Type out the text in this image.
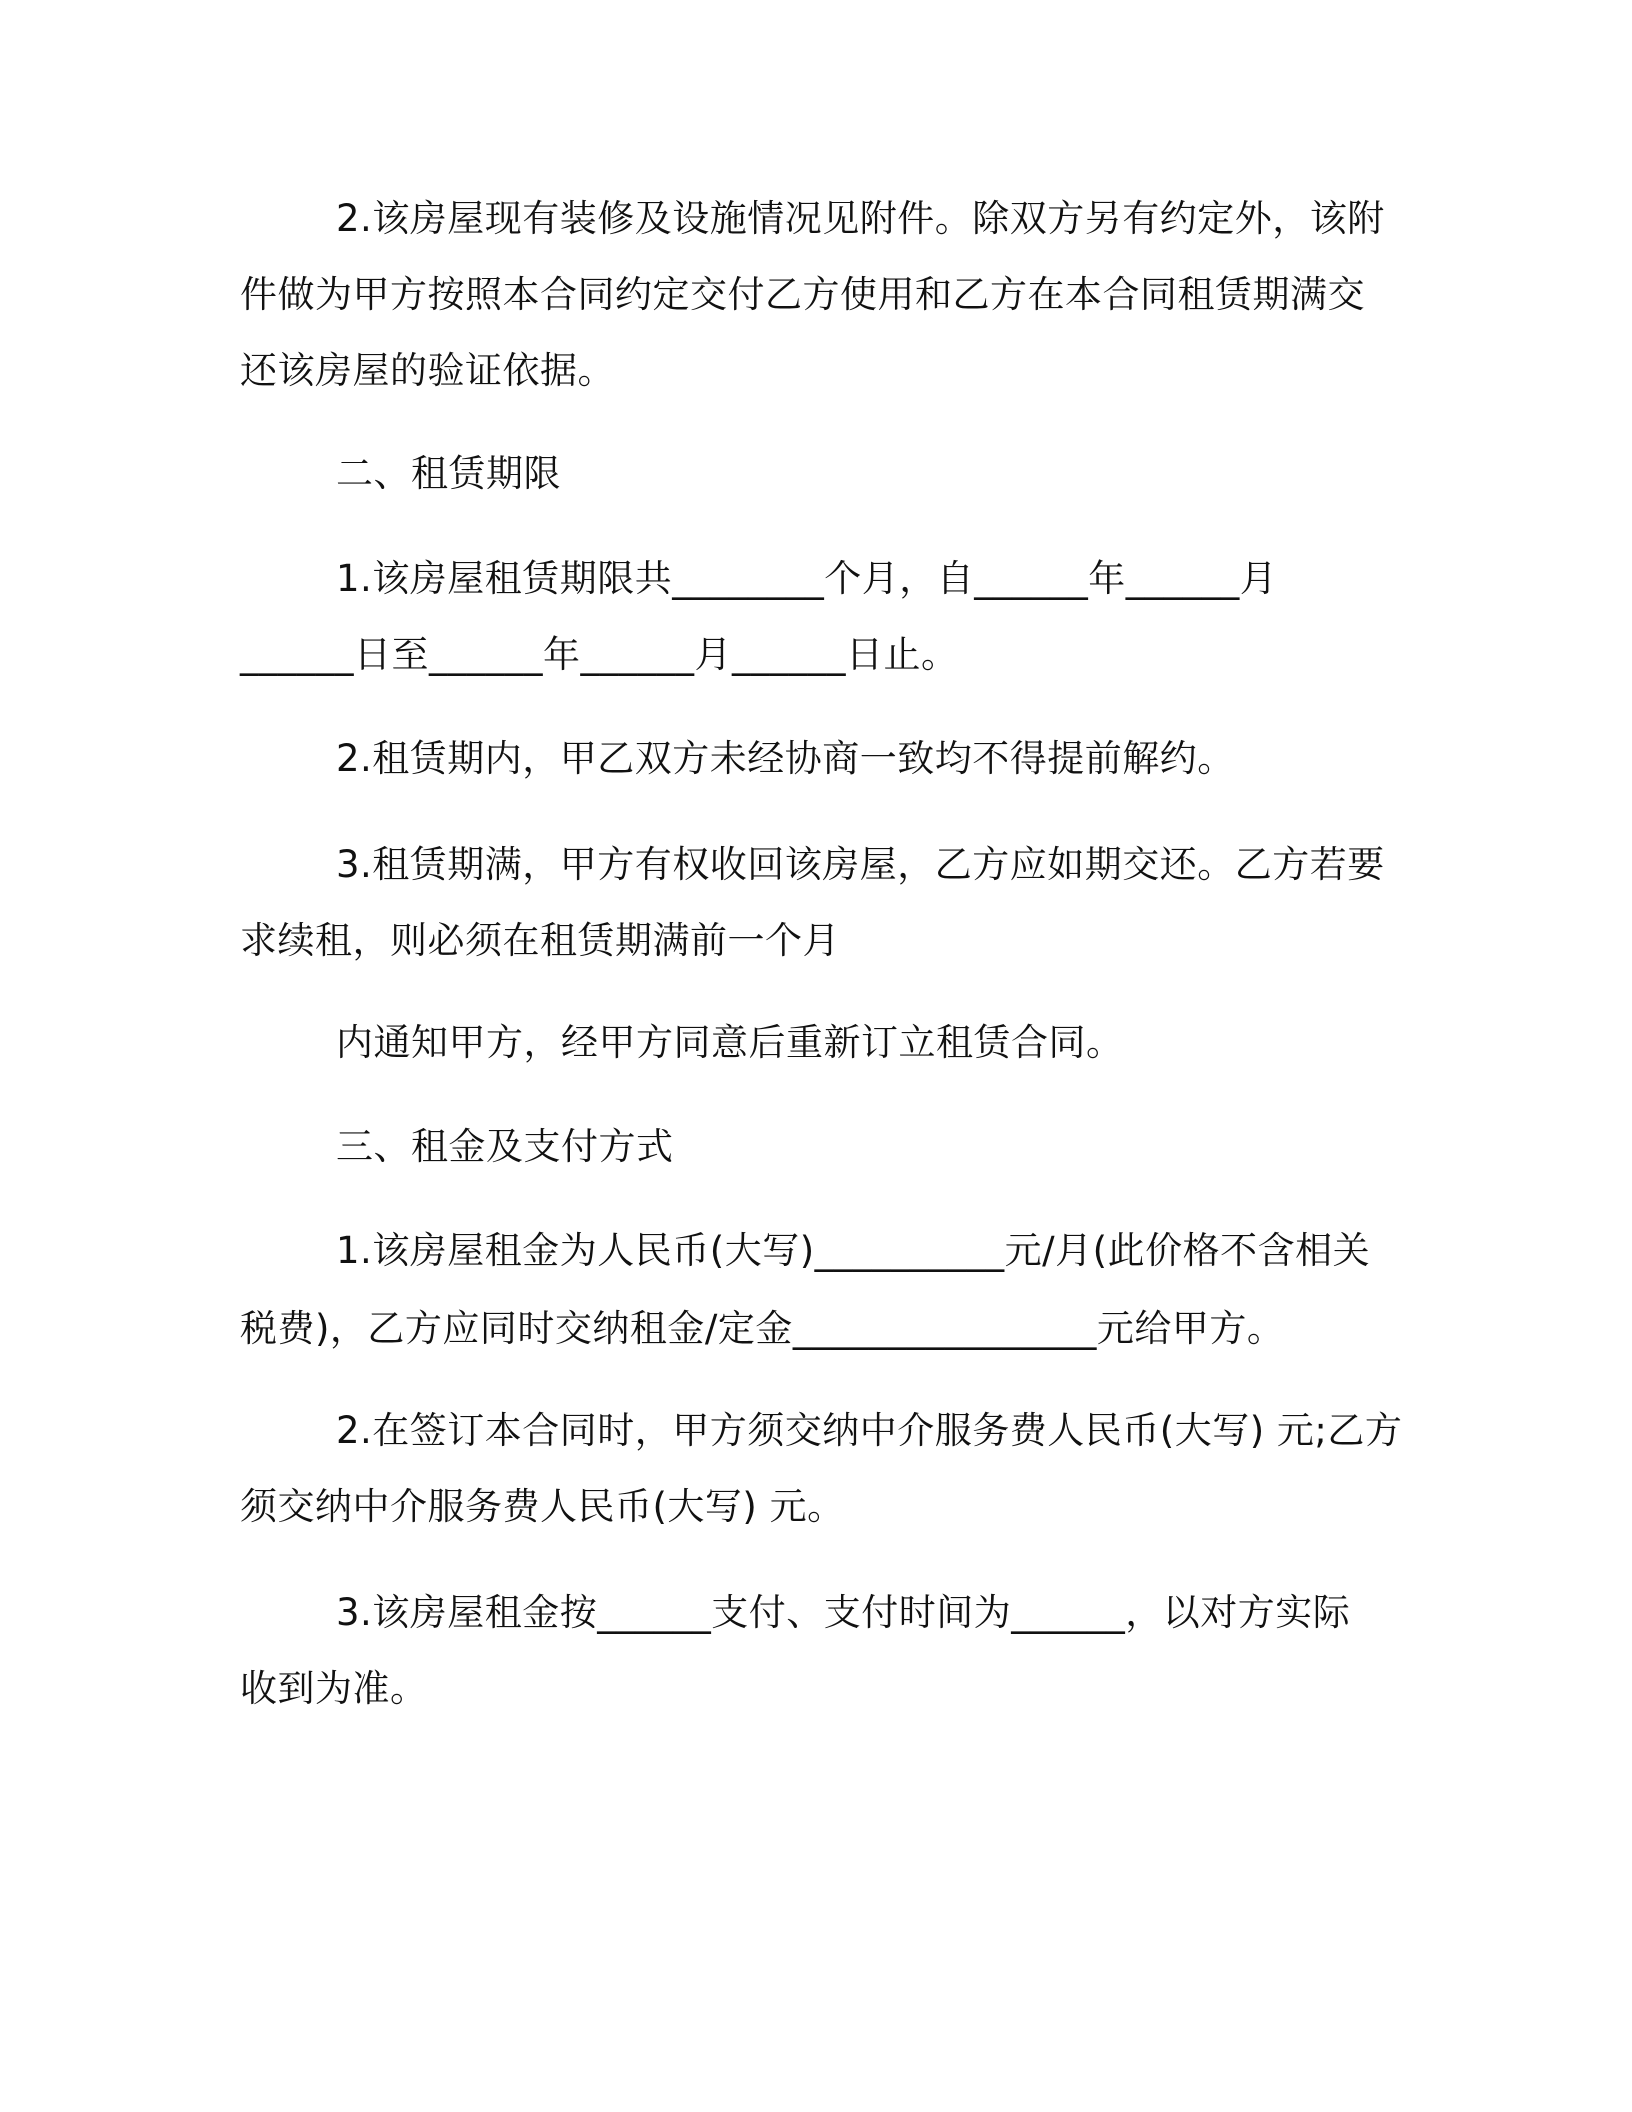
2.该房屋现有装修及设施情况见附件。除双方另有约定外，该附
件做为甲方按照本合同约定交付乙方使用和乙方在本合同租赁期满交
还该房屋的验证依据。
二、租赁期限
1.该房屋租赁期限共________个月，自______年______月
______日至______年______月______日止。
2.租赁期内，甲乙双方未经协商一致均不得提前解约。
3.租赁期满，甲方有权收回该房屋，乙方应如期交还。乙方若要
求续租，则必须在租赁期满前一个月
内通知甲方，经甲方同意后重新订立租赁合同。
三、租金及支付方式
1.该房屋租金为人民币(大写)__________元/月(此价格不含相关
税费)，乙方应同时交纳租金/定金________________元给甲方。
2.在签订本合同时，甲方须交纳中介服务费人民币(大写) 元;乙方
须交纳中介服务费人民币(大写) 元。
3.该房屋租金按______支付、支付时间为______，以对方实际
收到为准。
